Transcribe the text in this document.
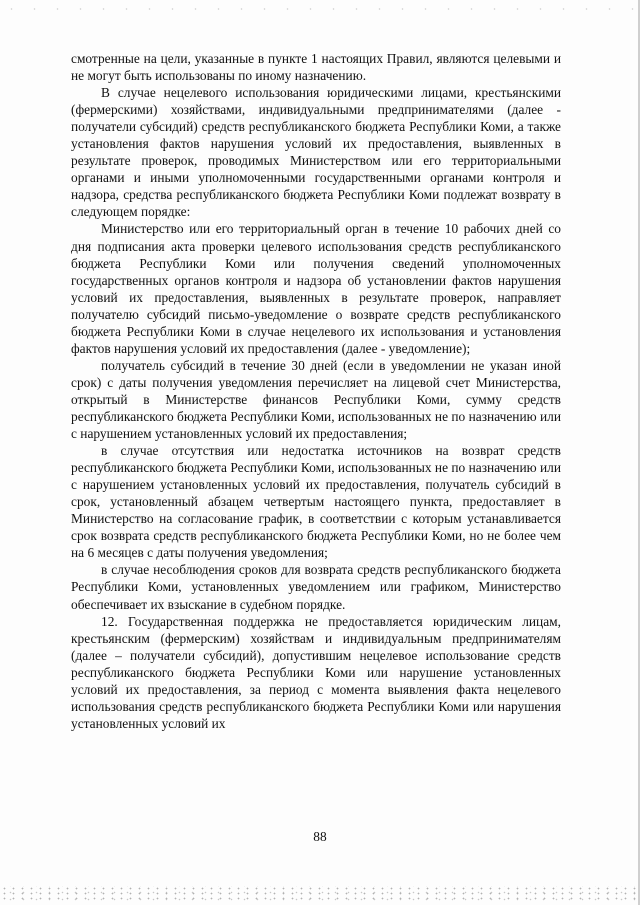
смотренные на цели, указанные в пункте 1 настоящих Правил, являются целевыми и не могут быть использованы по иному назначению.

В случае нецелевого использования юридическими лицами, крестьянскими (фермерскими) хозяйствами, индивидуальными предпринимателями (далее - получатели субсидий) средств республиканского бюджета Республики Коми, а также установления фактов нарушения условий их предоставления, выявленных в результате проверок, проводимых Министерством или его территориальными органами и иными уполномоченными государственными органами контроля и надзора, средства республиканского бюджета Республики Коми подлежат возврату в следующем порядке:

Министерство или его территориальный орган в течение 10 рабочих дней со дня подписания акта проверки целевого использования средств республиканского бюджета Республики Коми или получения сведений уполномоченных государственных органов контроля и надзора об установлении фактов нарушения условий их предоставления, выявленных в результате проверок, направляет получателю субсидий письмо-уведомление о возврате средств республиканского бюджета Республики Коми в случае нецелевого их использования и установления фактов нарушения условий их предоставления (далее - уведомление);

получатель субсидий в течение 30 дней (если в уведомлении не указан иной срок) с даты получения уведомления перечисляет на лицевой счет Министерства, открытый в Министерстве финансов Республики Коми, сумму средств республиканского бюджета Республики Коми, использованных не по назначению или с нарушением установленных условий их предоставления;

в случае отсутствия или недостатка источников на возврат средств республиканского бюджета Республики Коми, использованных не по назначению или с нарушением установленных условий их предоставления, получатель субсидий в срок, установленный абзацем четвертым настоящего пункта, предоставляет в Министерство на согласование график, в соответствии с которым устанавливается срок возврата средств республиканского бюджета Республики Коми, но не более чем на 6 месяцев с даты получения уведомления;

в случае несоблюдения сроков для возврата средств республиканского бюджета Республики Коми, установленных уведомлением или графиком, Министерство обеспечивает их взыскание в судебном порядке.

12. Государственная поддержка не предоставляется юридическим лицам, крестьянским (фермерским) хозяйствам и индивидуальным предпринимателям (далее – получатели субсидий), допустившим нецелевое использование средств республиканского бюджета Республики Коми или нарушение установленных условий их предоставления, за период с момента выявления факта нецелевого использования средств республиканского бюджета Республики Коми или нарушения установленных условий их

88
